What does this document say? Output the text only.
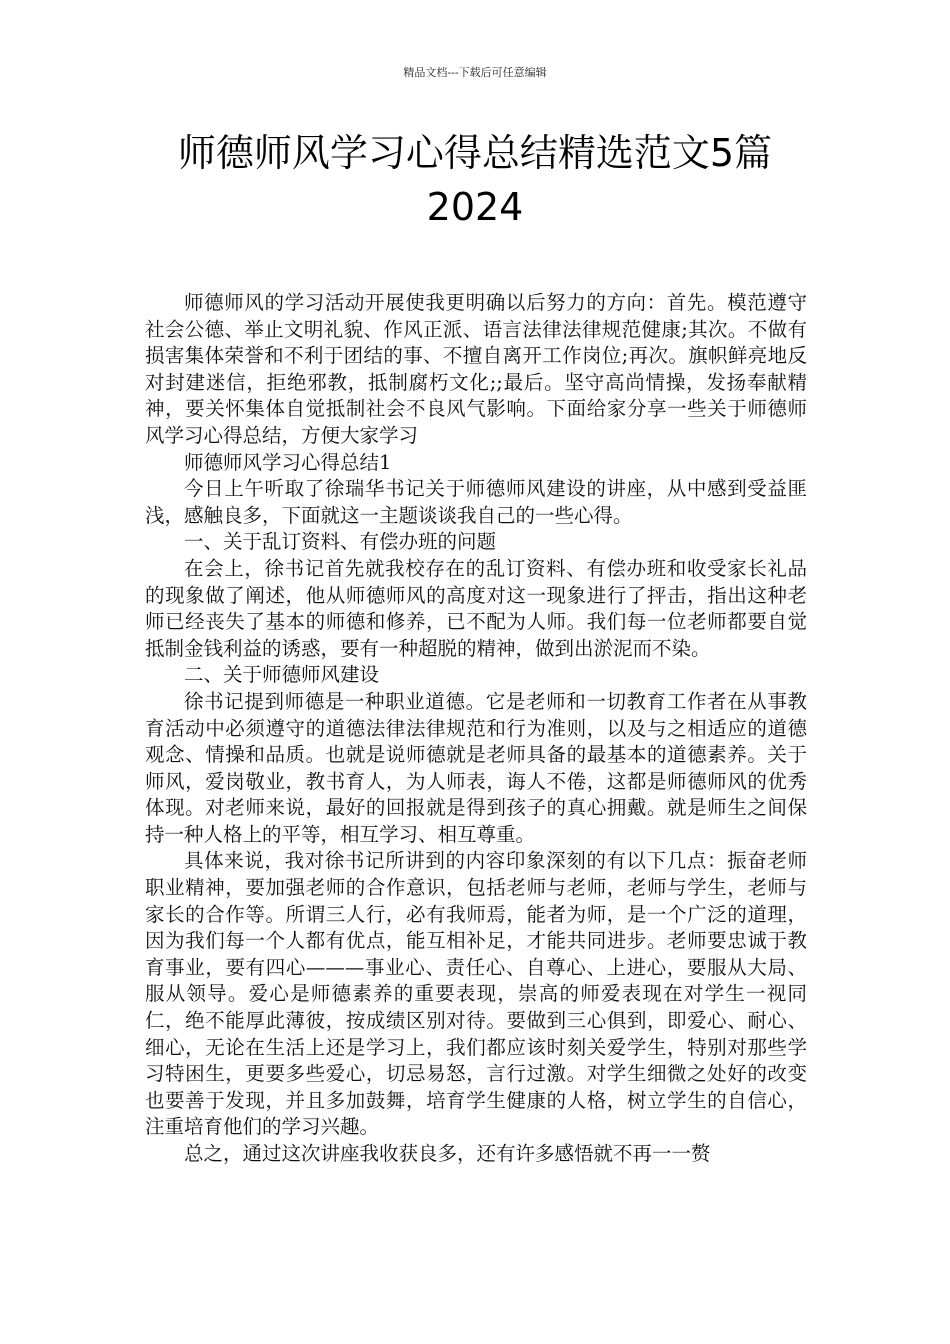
精品文档---下载后可任意编辑
师德师风学习心得总结精选范文5篇
2024

师德师风的学习活动开展使我更明确以后努力的方向：首先。模范遵守社会公德、举止文明礼貌、作风正派、语言法律法律规范健康;其次。不做有损害集体荣誉和不利于团结的事、不擅自离开工作岗位;再次。旗帜鲜亮地反对封建迷信，拒绝邪教，抵制腐朽文化;;最后。坚守高尚情操，发扬奉献精神，要关怀集体自觉抵制社会不良风气影响。下面给家分享一些关于师德师风学习心得总结，方便大家学习

师德师风学习心得总结1

今日上午听取了徐瑞华书记关于师德师风建设的讲座，从中感到受益匪浅，感触良多，下面就这一主题谈谈我自己的一些心得。

一、关于乱订资料、有偿办班的问题

在会上，徐书记首先就我校存在的乱订资料、有偿办班和收受家长礼品的现象做了阐述，他从师德师风的高度对这一现象进行了抨击，指出这种老师已经丧失了基本的师德和修养，已不配为人师。我们每一位老师都要自觉抵制金钱利益的诱惑，要有一种超脱的精神，做到出淤泥而不染。

二、关于师德师风建设

徐书记提到师德是一种职业道德。它是老师和一切教育工作者在从事教育活动中必须遵守的道德法律法律规范和行为准则，以及与之相适应的道德观念、情操和品质。也就是说师德就是老师具备的最基本的道德素养。关于师风，爱岗敬业，教书育人，为人师表，诲人不倦，这都是师德师风的优秀体现。对老师来说，最好的回报就是得到孩子的真心拥戴。就是师生之间保持一种人格上的平等，相互学习、相互尊重。

具体来说，我对徐书记所讲到的内容印象深刻的有以下几点：振奋老师职业精神，要加强老师的合作意识，包括老师与老师，老师与学生，老师与家长的合作等。所谓三人行，必有我师焉，能者为师，是一个广泛的道理，因为我们每一个人都有优点，能互相补足，才能共同进步。老师要忠诚于教育事业，要有四心———事业心、责任心、自尊心、上进心，要服从大局、服从领导。爱心是师德素养的重要表现，崇高的师爱表现在对学生一视同仁，绝不能厚此薄彼，按成绩区别对待。要做到三心俱到，即爱心、耐心、细心，无论在生活上还是学习上，我们都应该时刻关爱学生，特别对那些学习特困生，更要多些爱心，切忌易怒，言行过激。对学生细微之处好的改变也要善于发现，并且多加鼓舞，培育学生健康的人格，树立学生的自信心，注重培育他们的学习兴趣。

总之，通过这次讲座我收获良多，还有许多感悟就不再一一赘
